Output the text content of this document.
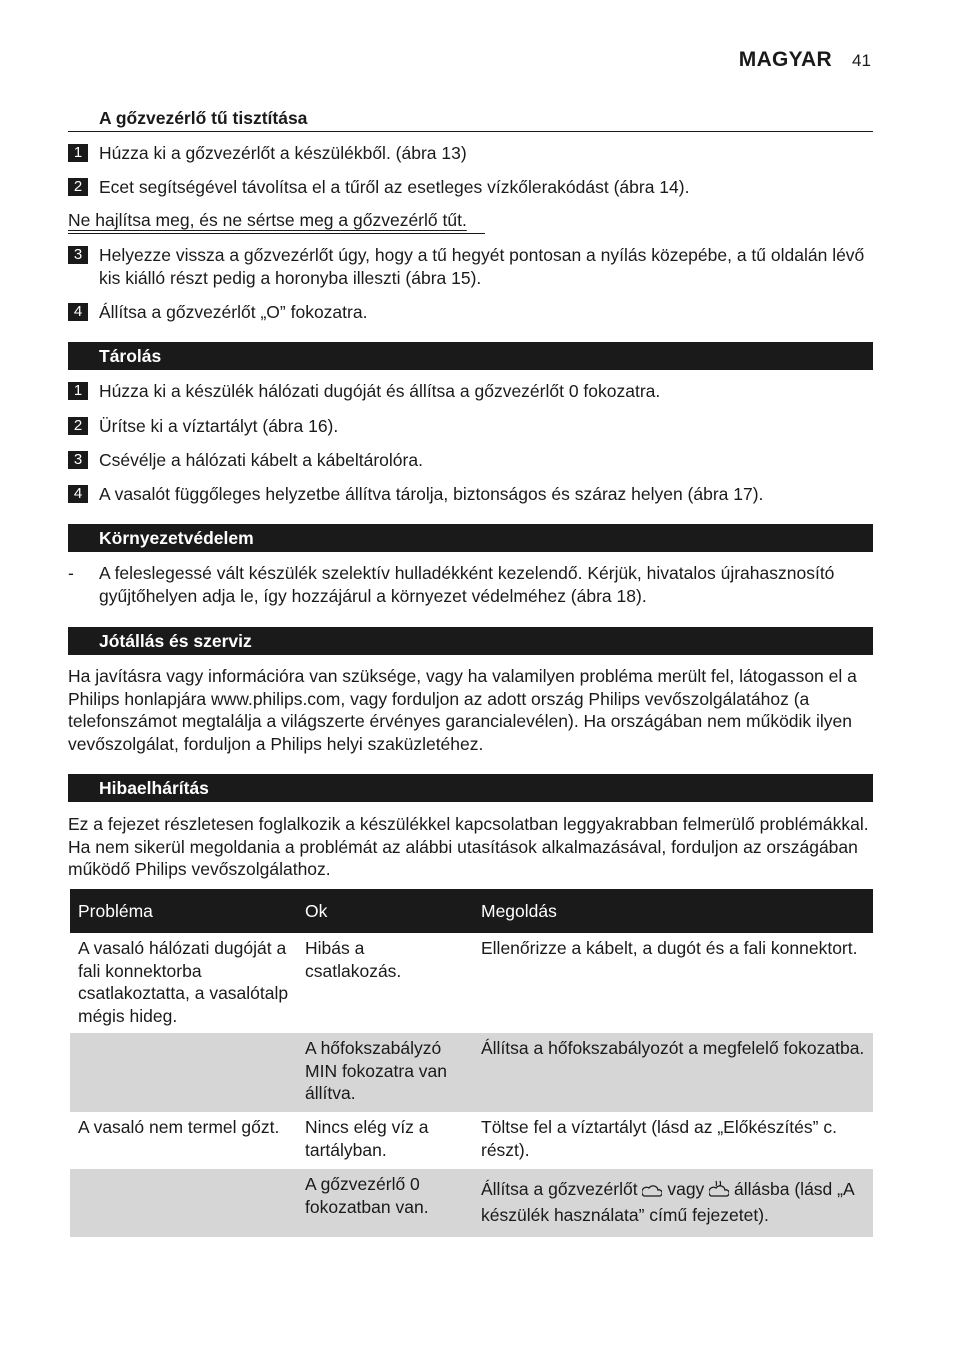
MAGYAR 41
A gőzvezérlő tű tisztítása
1 Húzza ki a gőzvezérlőt a készülékből. (ábra 13)
2 Ecet segítségével távolítsa el a tűről az esetleges vízkőlerakódást (ábra 14).
Ne hajlítsa meg, és ne sértse meg a gőzvezérlő tűt.
3 Helyezze vissza a gőzvezérlőt úgy, hogy a tű hegyét pontosan a nyílás közepébe, a tű oldalán lévő kis kiálló részt pedig a horonyba illeszti (ábra 15).
4 Állítsa a gőzvezérlőt „O” fokozatra.
Tárolás
1 Húzza ki a készülék hálózati dugóját és állítsa a gőzvezérlőt 0 fokozatra.
2 Ürítse ki a víztartályt (ábra 16).
3 Csévélje a hálózati kábelt a kábeltárolóra.
4 A vasalót függőleges helyzetbe állítva tárolja, biztonságos és száraz helyen (ábra 17).
Környezetvédelem
-	A feleslegessé vált készülék szelektív hulladékként kezelendő. Kérjük, hivatalos újrahasznosító gyűjtőhelyen adja le, így hozzájárul a környezet védelméhez (ábra 18).
Jótállás és szerviz
Ha javításra vagy információra van szüksége, vagy ha valamilyen probléma merült fel, látogasson el a Philips honlapjára www.philips.com, vagy forduljon az adott ország Philips vevőszolgálatához (a telefonszámot megtalálja a világszerte érvényes garancialevélen). Ha országában nem működik ilyen vevőszolgálat, forduljon a Philips helyi szaküzletéhez.
Hibaelhárítás
Ez a fejezet részletesen foglalkozik a készülékkel kapcsolatban leggyakrabban felmerülő problémákkal. Ha nem sikerül megoldania a problémát az alábbi utasítások alkalmazásával, forduljon az országában működő Philips vevőszolgálathoz.
Probléma	Ok	Megoldás
A vasaló hálózati dugóját a fali konnektorba csatlakoztatta, a vasalótalp mégis hideg.	Hibás a csatlakozás.	Ellenőrizze a kábelt, a dugót és a fali konnektort.
	A hőfokszabályzó MIN fokozatra van állítva.	Állítsa a hőfokszabályozót a megfelelő fokozatba.
A vasaló nem termel gőzt.	Nincs elég víz a tartályban.	Töltse fel a víztartályt (lásd az „Előkészítés” c. részt).
	A gőzvezérlő 0 fokozatban van.	Állítsa a gőzvezérlőt  vagy  állásba (lásd „A készülék használata” című fejezetet).
